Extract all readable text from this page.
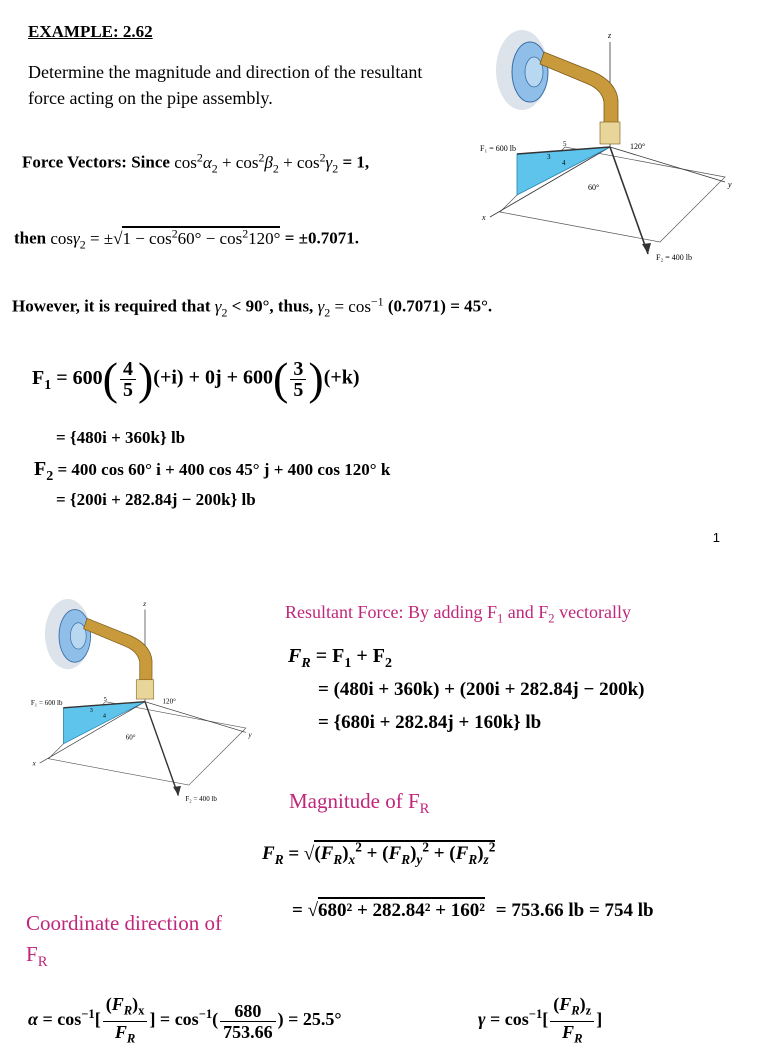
EXAMPLE: 2.62
Determine the magnitude and direction of the resultant force acting on the pipe assembly.
Force Vectors: Since $\cos^2\alpha_2 + \cos^2\beta_2 + \cos^2\gamma_2 = 1$,
then $\cos\gamma_2 = \pm√1 - \cos^260^\circ - \cos^2120^\circ = \pm 0.7071$.
However, it is required that $\gamma_2 < 90^\circ$, thus, $\gamma_2 = \cos^{-1} (0.7071) = 45^\circ$.
$F_1 = 600( \frac{4}{5} )(+i) + 0j + 600( \frac{3}{5} )(+k)$
= {480i + 360k} lb
$F_2 = 400$ cos 60° i + 400 cos 45° j + 400 cos 120° k
= {200i + 282.84j − 200k} lb
1
z
y
x
F₁ = 600 lb
F₂ = 400 lb
120°
60°
5
3
4
z
y
x
F₁ = 600 lb
F₂ = 400 lb
120°
60°
5
3
4
Resultant Force: By adding $F_1$ and $F_2$ vectorally
$F_R = F_1 + F_2$
= (480i + 360k) + (200i + 282.84j − 200k)
= {680i + 282.84j + 160k} lb
Magnitude of $F_R$
$F_R = √(F_R)_x^2 + (F_R)_y^2 + (F_R)_z^2$
= √680² + 282.84² + 160² = 753.66 lb = 754 lb
Coordinate direction of $F_R$
$\alpha = \cos^{-1}[ \frac{(F_R)_x}{F_R}$ ] = $\cos^{-1}( \frac{680}{753.66}$ ) = 25.5°	$\gamma = \cos^{-1}[ \frac{(F_R)_z}{F_R}$ ]
